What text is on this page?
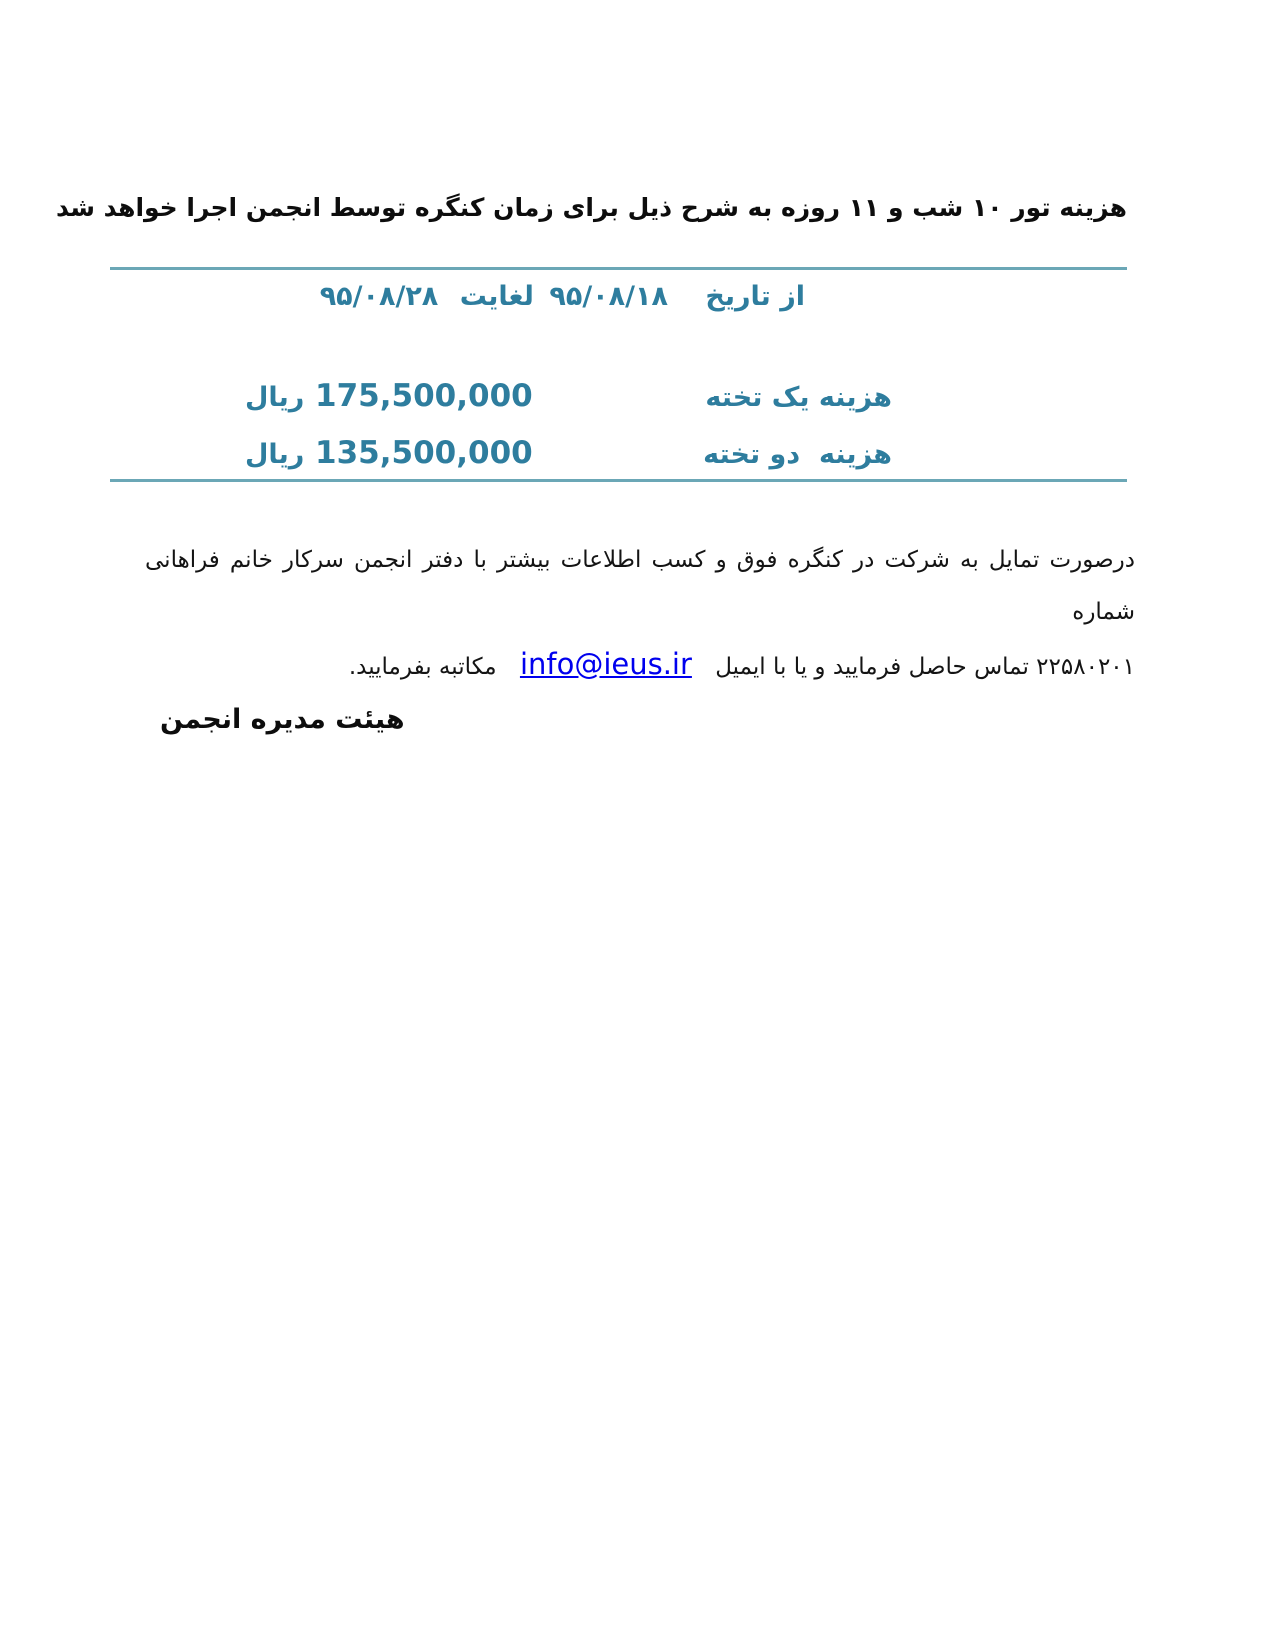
هزینه تور ۱۰ شب و ۱۱ روزه به شرح ذیل برای زمان کنگره توسط انجمن اجرا خواهد شد
از تاریخ ۹۵/۰۸/۱۸ لغایت ۹۵/۰۸/۲۸
هزینه یک تخته
175,500,000 ریال
هزینه  دو تخته
135,500,000 ریال
درصورت تمایل به شرکت در کنگره فوق و کسب اطلاعات بیشتر با دفتر انجمن سرکار خانم فراهانی شماره
۲۲۵۸۰۲۰۱ تماس حاصل فرمایید و یا با ایمیل info@ieus.ir مکاتبه بفرمایید.
هیئت مدیره انجمن
